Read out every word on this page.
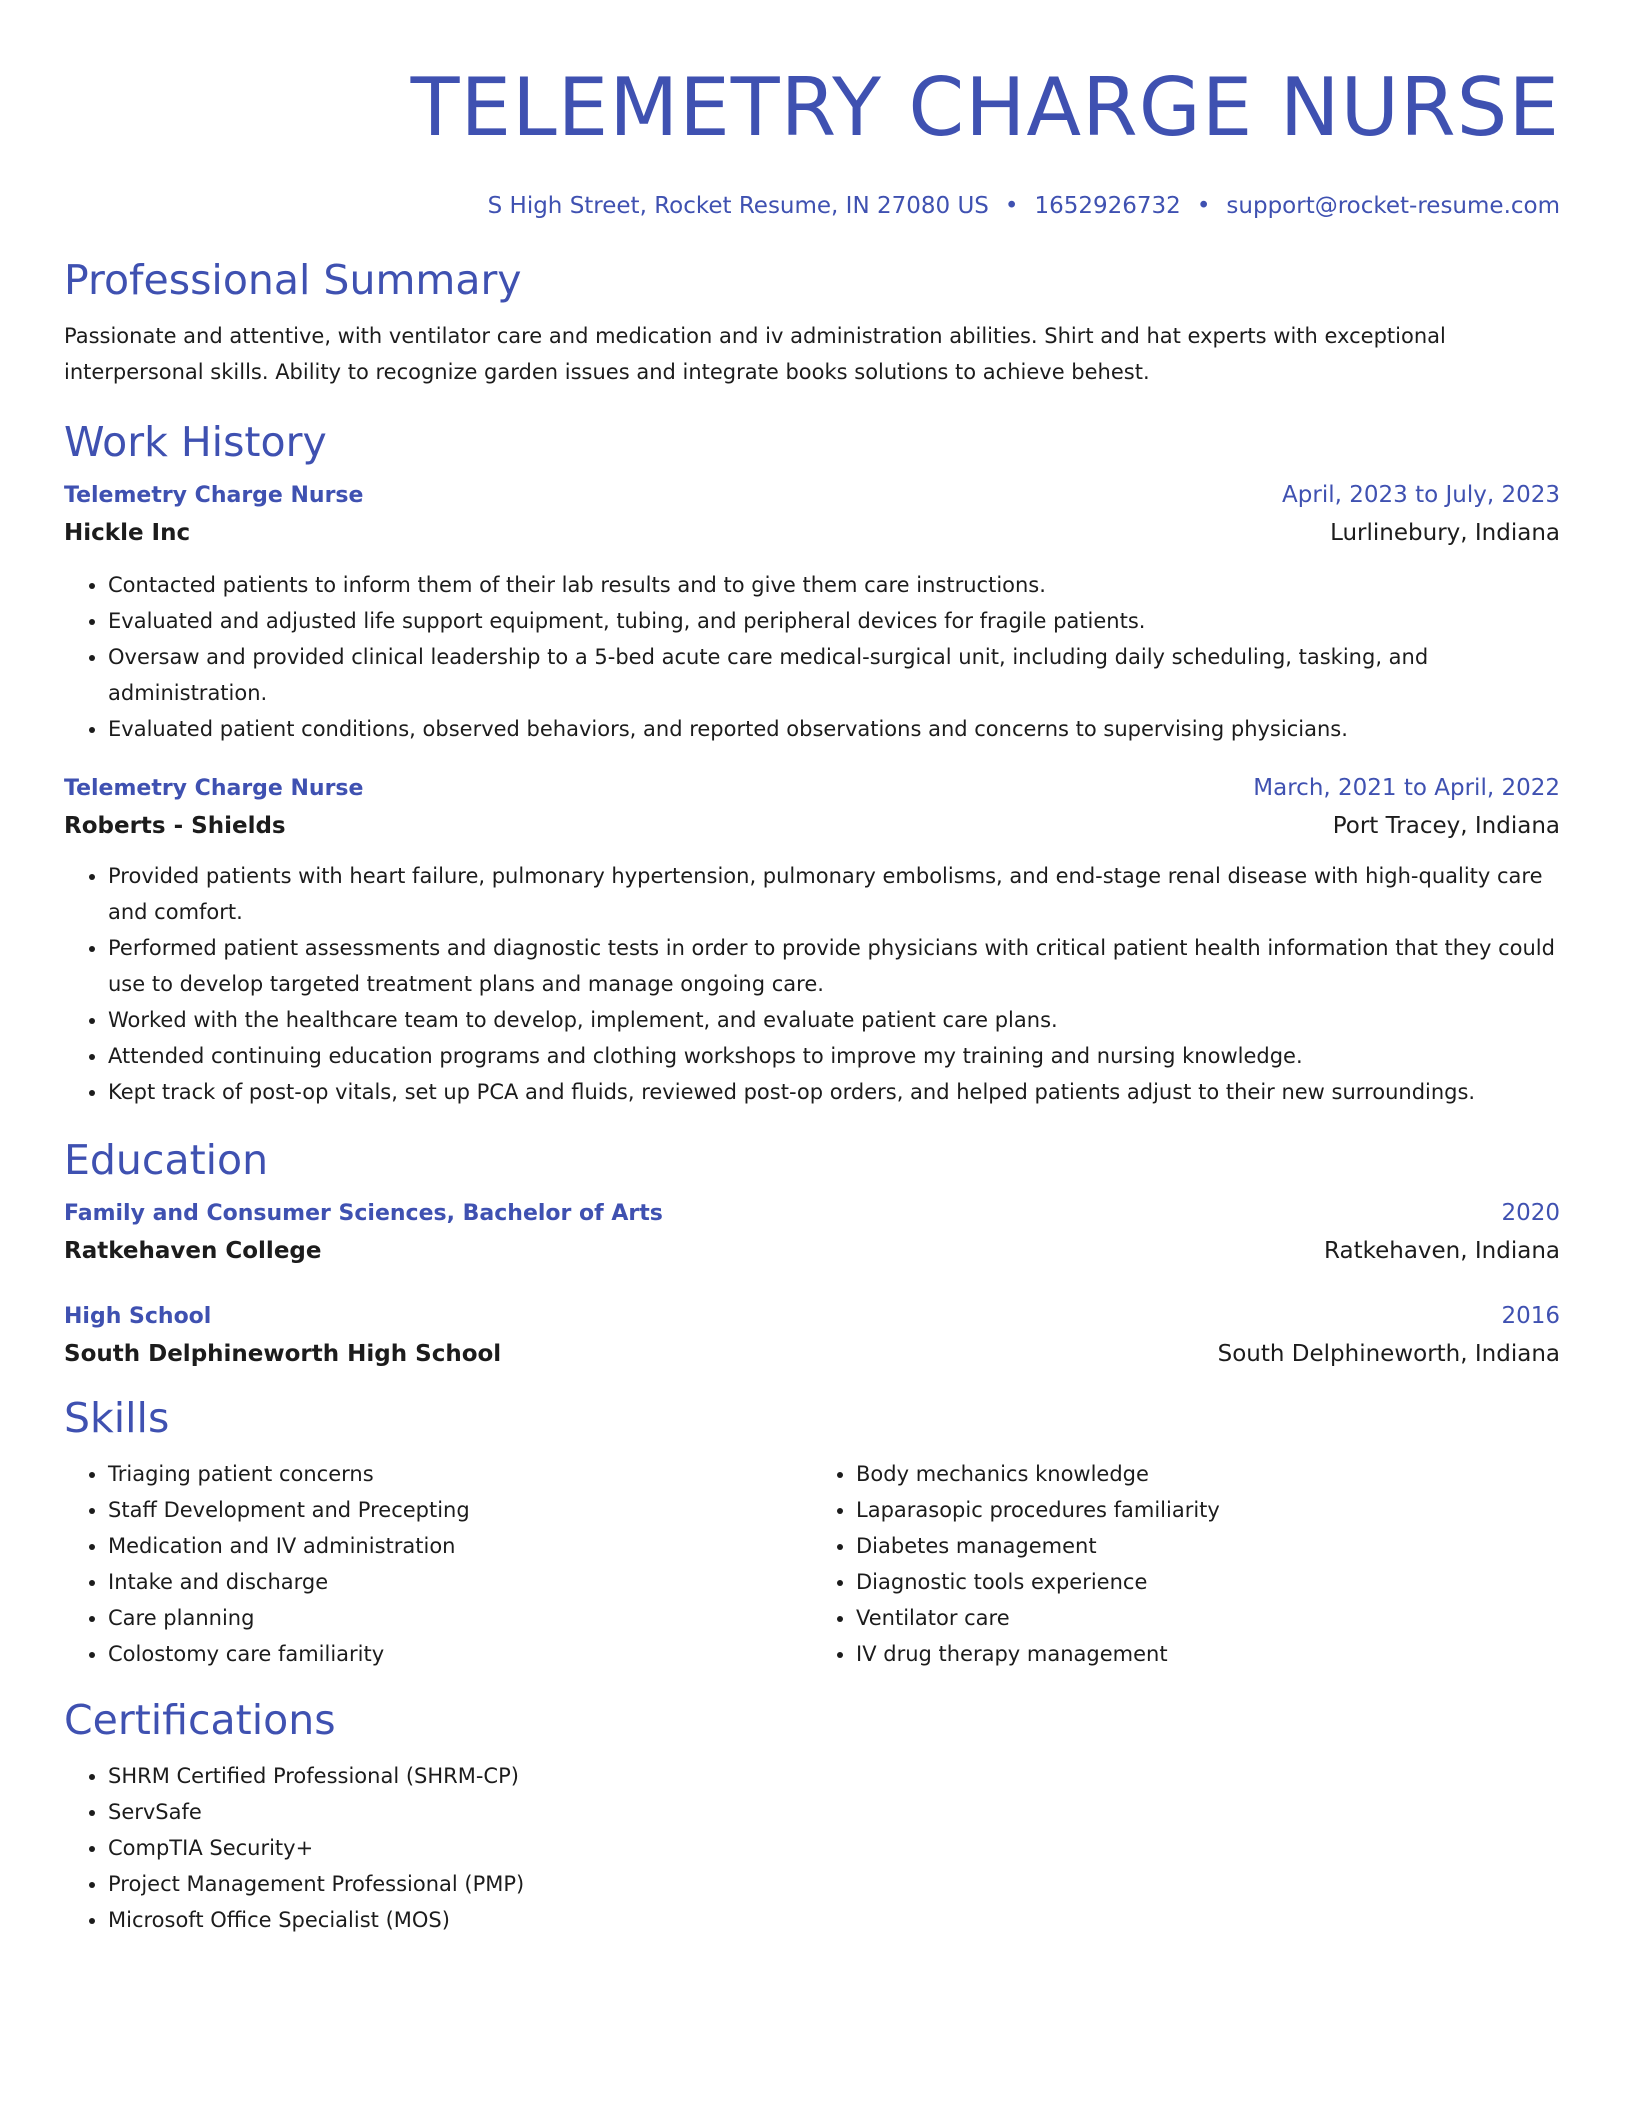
TELEMETRY CHARGE NURSE
S High Street, Rocket Resume, IN 27080 US • 1652926732 • support@rocket-resume.com
Professional Summary
Passionate and attentive, with ventilator care and medication and iv administration abilities. Shirt and hat experts with exceptional interpersonal skills. Ability to recognize garden issues and integrate books solutions to achieve behest.
Work History
Telemetry Charge Nurse	April, 2023 to July, 2023
Hickle Inc	Lurlinebury, Indiana
• Contacted patients to inform them of their lab results and to give them care instructions.
• Evaluated and adjusted life support equipment, tubing, and peripheral devices for fragile patients.
• Oversaw and provided clinical leadership to a 5-bed acute care medical-surgical unit, including daily scheduling, tasking, and administration.
• Evaluated patient conditions, observed behaviors, and reported observations and concerns to supervising physicians.
Telemetry Charge Nurse	March, 2021 to April, 2022
Roberts - Shields	Port Tracey, Indiana
• Provided patients with heart failure, pulmonary hypertension, pulmonary embolisms, and end-stage renal disease with high-quality care and comfort.
• Performed patient assessments and diagnostic tests in order to provide physicians with critical patient health information that they could use to develop targeted treatment plans and manage ongoing care.
• Worked with the healthcare team to develop, implement, and evaluate patient care plans.
• Attended continuing education programs and clothing workshops to improve my training and nursing knowledge.
• Kept track of post-op vitals, set up PCA and fluids, reviewed post-op orders, and helped patients adjust to their new surroundings.
Education
Family and Consumer Sciences, Bachelor of Arts	2020
Ratkehaven College	Ratkehaven, Indiana
High School	2016
South Delphineworth High School	South Delphineworth, Indiana
Skills
• Triaging patient concerns
• Staff Development and Precepting
• Medication and IV administration
• Intake and discharge
• Care planning
• Colostomy care familiarity
• Body mechanics knowledge
• Laparasopic procedures familiarity
• Diabetes management
• Diagnostic tools experience
• Ventilator care
• IV drug therapy management
Certifications
• SHRM Certified Professional (SHRM-CP)
• ServSafe
• CompTIA Security+
• Project Management Professional (PMP)
• Microsoft Office Specialist (MOS)
